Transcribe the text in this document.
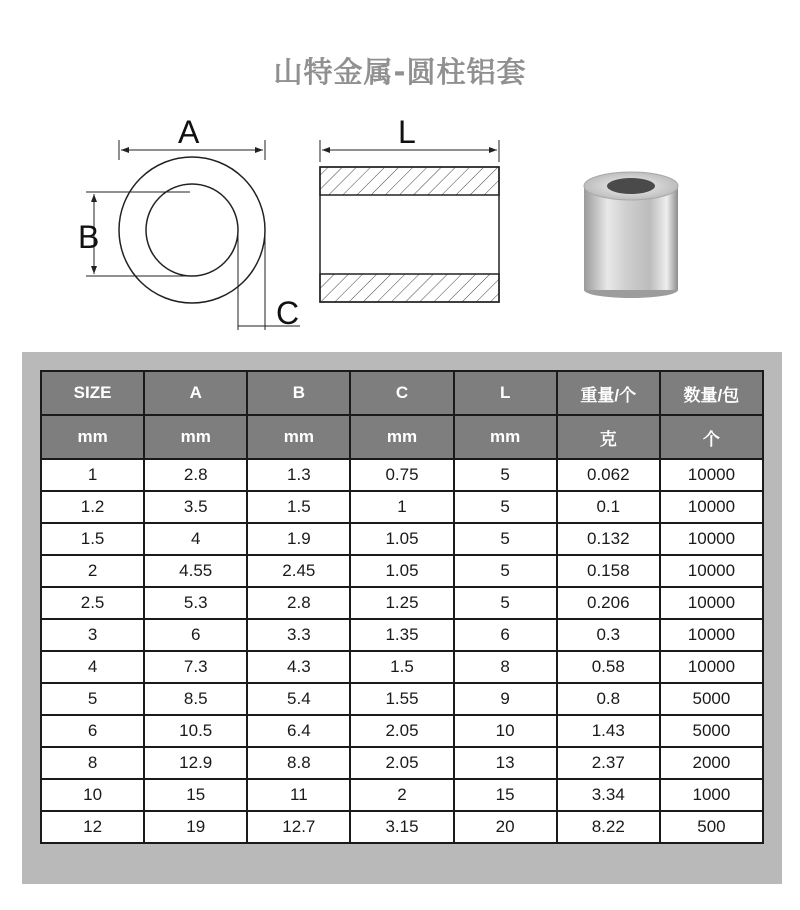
山特金属-圆柱铝套
A
B
C
L
SIZE	A	B	C	L	重量/个	数量/包
mm	mm	mm	mm	mm	克	个
1	2.8	1.3	0.75	5	0.062	10000
1.2	3.5	1.5	1	5	0.1	10000
1.5	4	1.9	1.05	5	0.132	10000
2	4.55	2.45	1.05	5	0.158	10000
2.5	5.3	2.8	1.25	5	0.206	10000
3	6	3.3	1.35	6	0.3	10000
4	7.3	4.3	1.5	8	0.58	10000
5	8.5	5.4	1.55	9	0.8	5000
6	10.5	6.4	2.05	10	1.43	5000
8	12.9	8.8	2.05	13	2.37	2000
10	15	11	2	15	3.34	1000
12	19	12.7	3.15	20	8.22	500
